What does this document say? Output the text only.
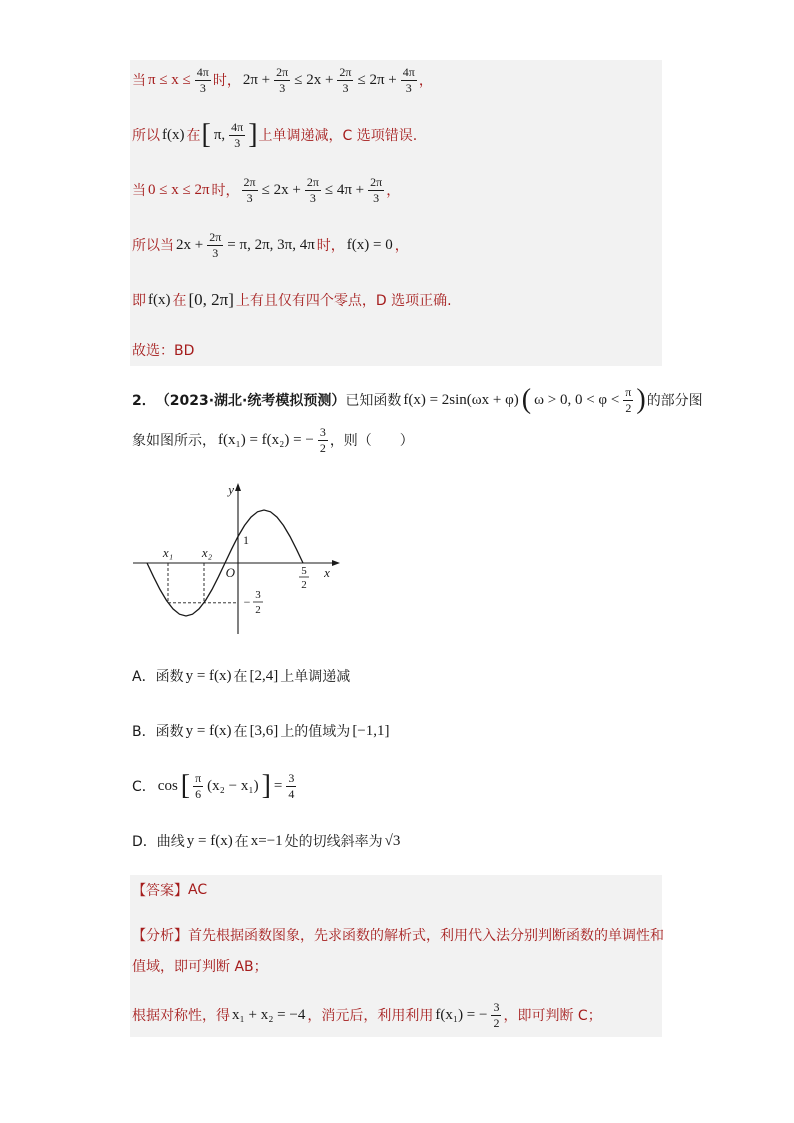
当 $\pi \le x \le \frac{4\pi}{3}$ 时， $2\pi + \frac{2\pi}{3} \le 2x + \frac{2\pi}{3} \le 2\pi + \frac{4\pi}{3}$ ，
所以 f(x) 在 [ π, $\frac{4\pi}{3}$ ] 上单调递减，C 选项错误.
当 0 ≤ x ≤ 2π 时， $\frac{2\pi}{3} \le 2x + \frac{2\pi}{3} \le 4\pi + \frac{2\pi}{3}$ ，
所以当 $2x + \frac{2\pi}{3} = \pi$, 2π, 3π, 4π 时， f(x) = 0 ，
即 f(x) 在 [0, 2π] 上有且仅有四个零点，D 选项正确.
故选：BD
2． （2023·湖北·统考模拟预测） 已知函数 f(x) = 2sin(ωx + φ) ( ω > 0, $0 < \varphi < \frac{\pi}{2}$ ) 的部分图
象如图所示， f(x₁) = f(x₂) = − $\frac{3}{2}$ ，则（　　）
y
x
O
1
x₁ x₂
5
2
− 3
2
A． 函数 y = f(x) 在 [2,4] 上单调递减
B． 函数 y = f(x) 在 [3,6] 上的值域为 [−1,1]
C． cos [ $\frac{\pi}{6} (x_2 - x_1)$ ] = $\frac{3}{4}$
D． 曲线 y = f(x) 在 x=−1 处的切线斜率为 √3
【答案】 AC
【分析】 首先根据函数图象，先求函数的解析式，利用代入法分别判断函数的单调性和
值域，即可判断 AB；
根据对称性，得 x₁ + x₂ = −4 ，消元后，利用利用 f(x₁) = − $\frac{3}{2}$ ，即可判断 C；
